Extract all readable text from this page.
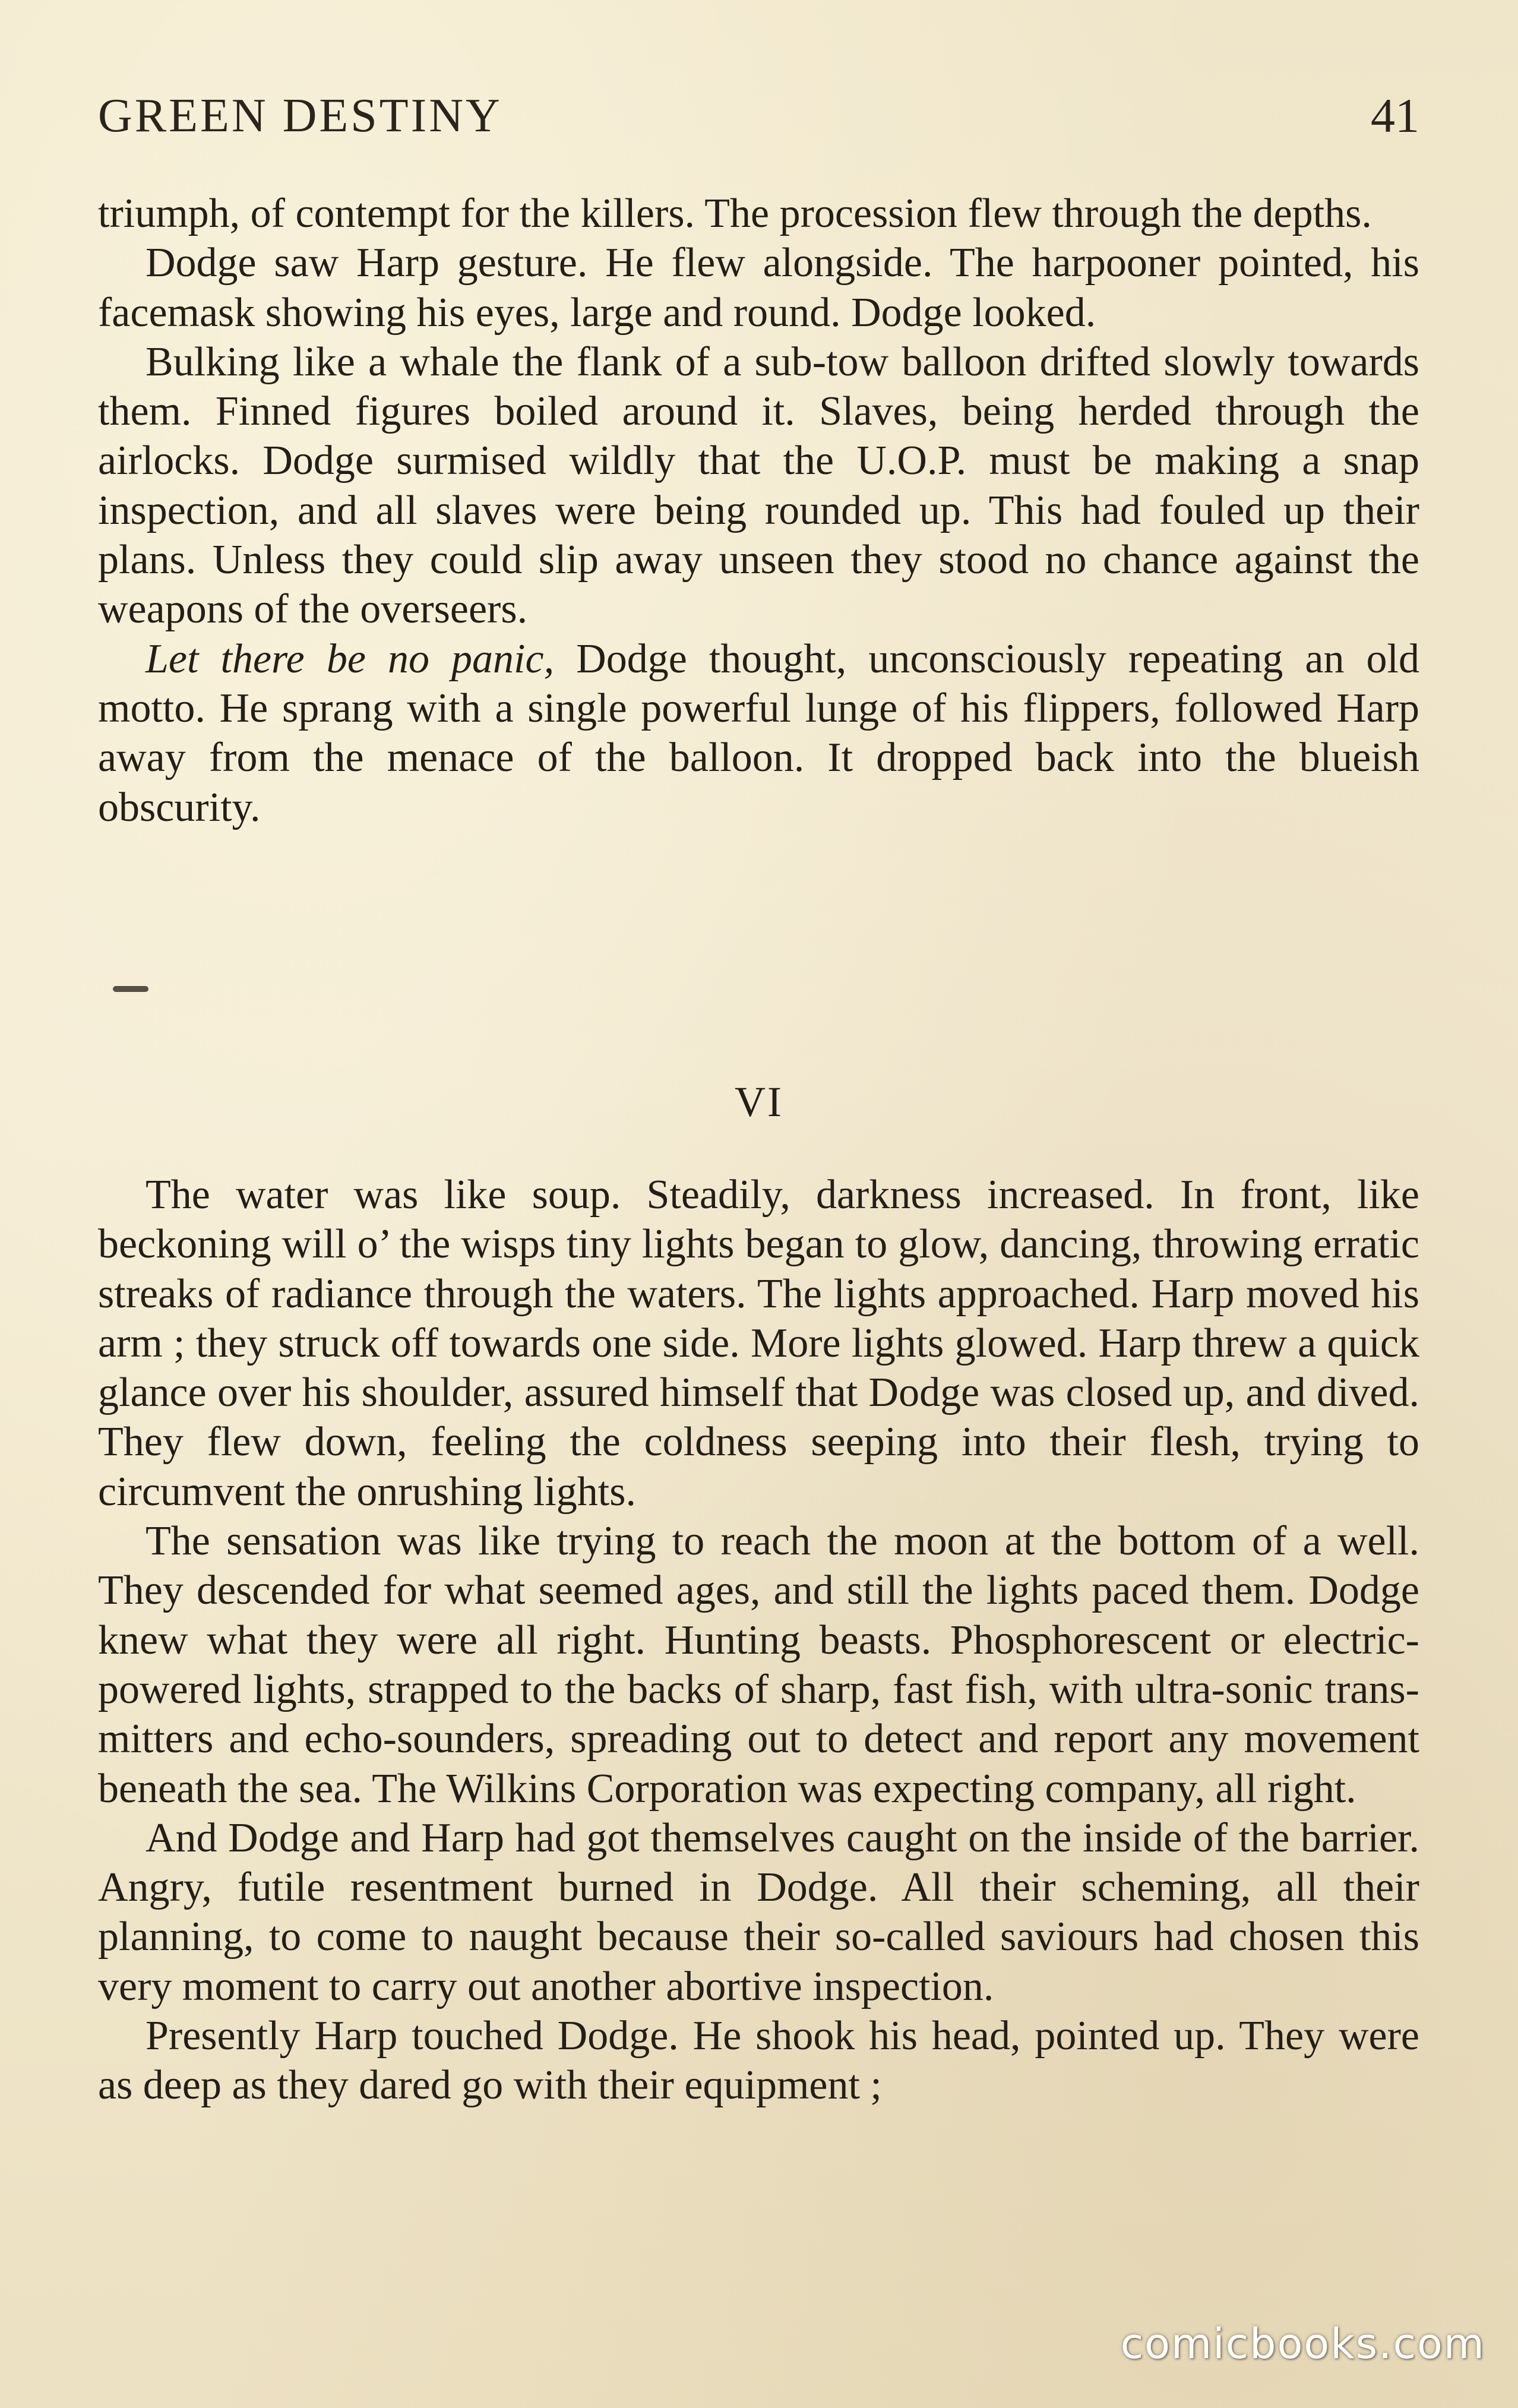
GREEN DESTINY	41

triumph, of contempt for the killers. The procession flew through the depths.

Dodge saw Harp gesture. He flew alongside. The harpooner pointed, his facemask showing his eyes, large and round. Dodge looked.

Bulking like a whale the flank of a sub-tow balloon drifted slowly towards them. Finned figures boiled around it. Slaves, being herded through the airlocks. Dodge surmised wildly that the U.O.P. must be making a snap inspection, and all slaves were being rounded up. This had fouled up their plans. Unless they could slip away unseen they stood no chance against the weapons of the overseers.

Let there be no panic, Dodge thought, unconsciously repeating an old motto. He sprang with a single powerful lunge of his flippers, followed Harp away from the menace of the balloon. It dropped back into the blueish obscurity.

VI

The water was like soup. Steadily, darkness increased. In front, like beckoning will o’ the wisps tiny lights began to glow, dancing, throwing erratic streaks of radiance through the waters. The lights approached. Harp moved his arm ; they struck off towards one side. More lights glowed. Harp threw a quick glance over his shoulder, assured himself that Dodge was closed up, and dived. They flew down, feeling the coldness seeping into their flesh, trying to circumvent the onrushing lights.

The sensation was like trying to reach the moon at the bottom of a well. They descended for what seemed ages, and still the lights paced them. Dodge knew what they were all right. Hunting beasts. Phosphorescent or electric-powered lights, strapped to the backs of sharp, fast fish, with ultra-sonic trans-mitters and echo-sounders, spreading out to detect and report any movement beneath the sea. The Wilkins Corporation was expecting company, all right.

And Dodge and Harp had got themselves caught on the inside of the barrier. Angry, futile resentment burned in Dodge. All their scheming, all their planning, to come to naught because their so-called saviours had chosen this very moment to carry out another abortive inspection.

Presently Harp touched Dodge. He shook his head, pointed up. They were as deep as they dared go with their equipment ;

comicbooks.com
